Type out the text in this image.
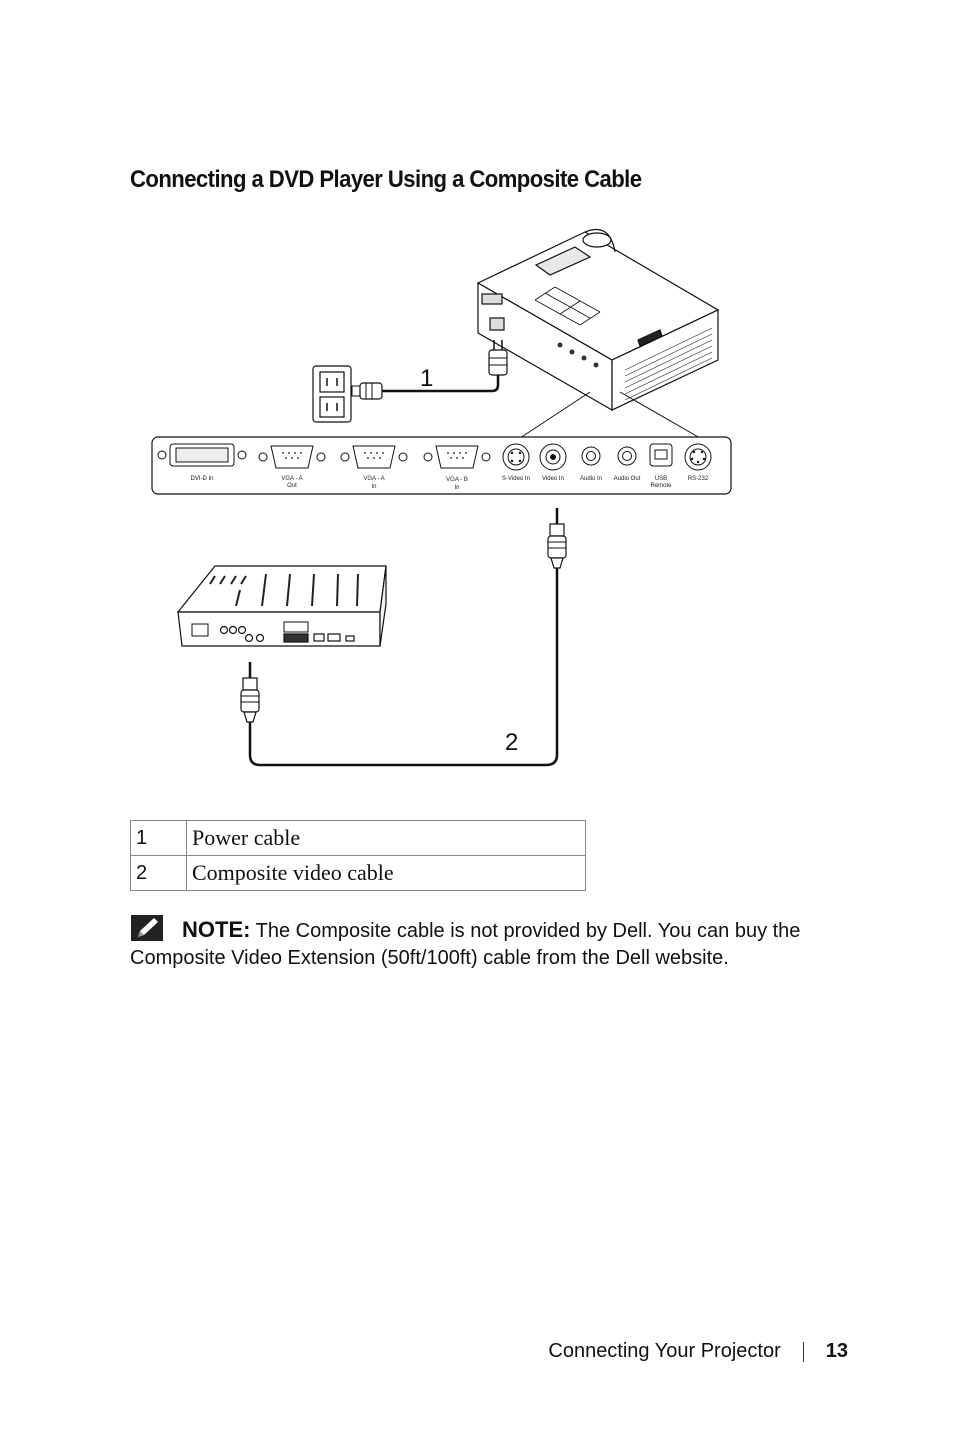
Connecting a DVD Player Using a Composite Cable
DVI-D In	VGA - A
Out
VGA - A
In
VGA - B
In
S-Video In Video In	Audio In Audio Out USB
Remote
RS-232
1
2
1	Power cable
2	Composite video cable
NOTE: The Composite cable is not provided by Dell. You can buy the Composite Video Extension (50ft/100ft) cable from the Dell website.
Connecting Your Projector 13
